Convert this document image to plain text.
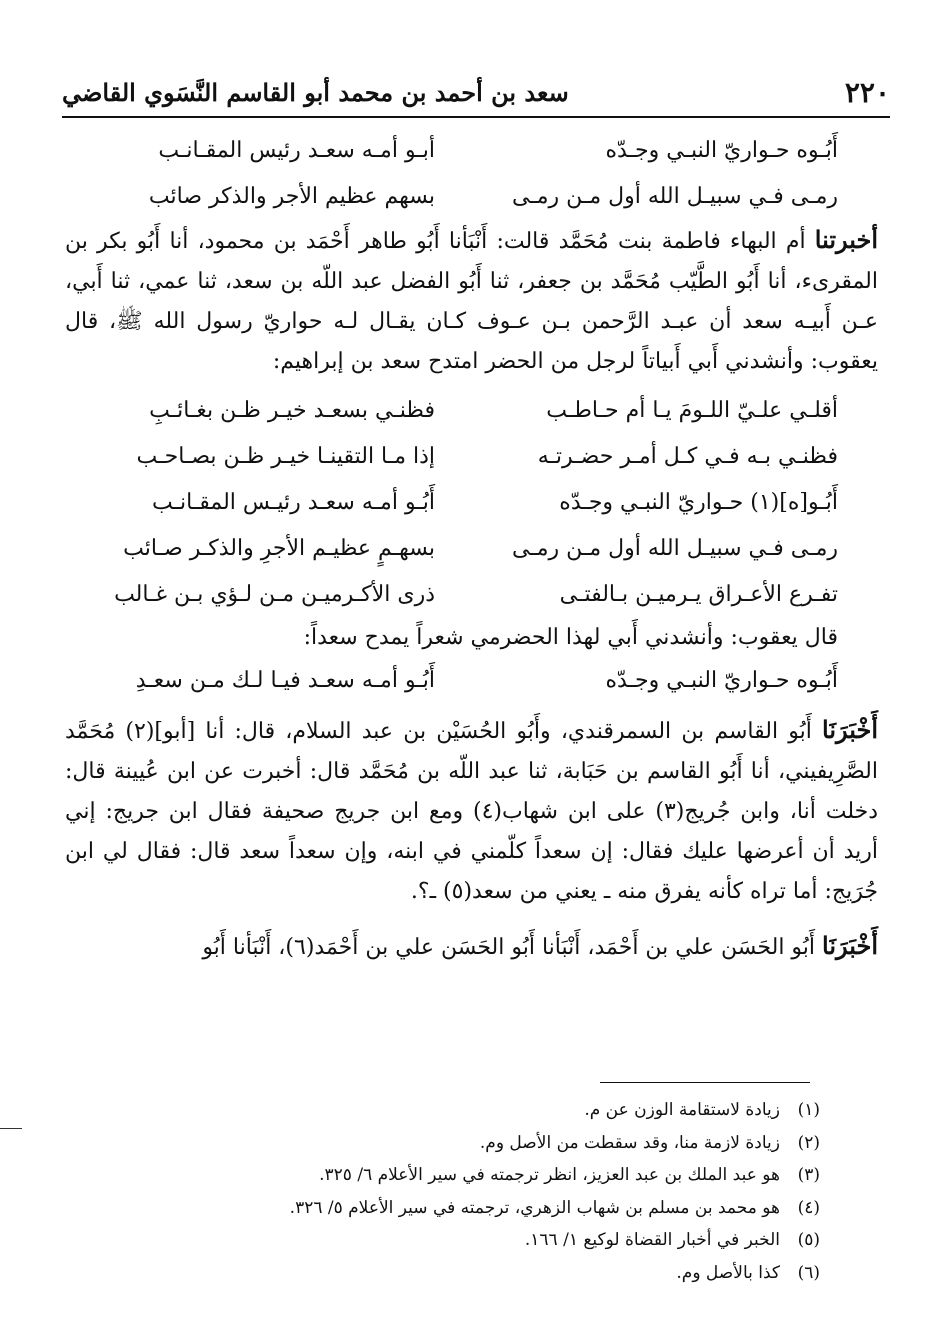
٢٢٠
سعد بن أحمد بن محمد أبو القاسم النَّسَوي القاضي
أَبُـوه حـواريّ النبـي وجـدّه
أبـو أمـه سعـد رئيس المقـانـب
رمـى فـي سبيـل الله أول مـن رمـى
بسهم عظيم الأجر والذكر صائب

أخبرتنا أم البهاء فاطمة بنت مُحَمَّد قالت: أَنْبَأنا أَبُو طاهر أَحْمَد بن محمود، أنا أَبُو بكر بن المقرىء، أنا أَبُو الطَّيّب مُحَمَّد بن جعفر، ثنا أَبُو الفضل عبد اللّه بن سعد، ثنا عمي، ثنا أَبي، عـن أَبيـه سعد أن عبـد الرَّحمن بـن عـوف كـان يقـال لـه حواريّ رسول الله ﷺ، قال يعقوب: وأنشدني أَبي أَبياتاً لرجل من الحضر امتدح سعد بن إبراهيم:

أقلـي علـيّ اللـومَ يـا أم حـاطـب
فظنـي بسعـد خيـر ظـن بغـائـبِ
فظنـي بـه فـي كـل أمـر حضـرتـه
إذا مـا التقينـا خيـر ظـن بصـاحـب
أَبُـو[ه](١) حـواريّ النبـي وجـدّه
أَبُـو أمـه سعـد رئيـس المقـانـب
رمـى فـي سبيـل الله أول مـن رمـى
بسهـمٍ عظيـم الأجرِ والذكـر صـائب
تفـرع الأعـراق يـرميـن بـالفتـى
ذرى الأكـرميـن مـن لـؤي بـن غـالب

قال يعقوب: وأنشدني أَبي لهذا الحضرمي شعراً يمدح سعداً:

أَبُـوه حـواريّ النبـي وجـدّه
أَبُـو أمـه سعـد فيـا لـك مـن سعـدِ

أَخْبَرَنَا أَبُو القاسم بن السمرقندي، وأَبُو الحُسَيْن بن عبد السلام، قال: أنا [أبو](٢) مُحَمَّد الصَّرِيفيني، أنا أَبُو القاسم بن حَبَابة، ثنا عبد اللّه بن مُحَمَّد قال: أخبرت عن ابن عُيينة قال: دخلت أنا، وابن جُريج(٣) على ابن شهاب(٤) ومع ابن جريج صحيفة فقال ابن جريج: إني أريد أن أعرضها عليك فقال: إن سعداً كلّمني في ابنه، وإن سعداً سعد قال: فقال لي ابن جُرَيج: أما تراه كأنه يفرق منه ـ يعني من سعد(٥) ـ؟.

أَخْبَرَنَا أَبُو الحَسَن علي بن أَحْمَد، أَنْبَأنا أَبُو الحَسَن علي بن أَحْمَد(٦)، أَنْبَأنا أَبُو

(١)
زيادة لاستقامة الوزن عن م.
(٢)
زيادة لازمة منا، وقد سقطت من الأصل وم.
(٣)
هو عبد الملك بن عبد العزيز، انظر ترجمته في سير الأعلام ٦/ ٣٢٥.
(٤)
هو محمد بن مسلم بن شهاب الزهري، ترجمته في سير الأعلام ٥/ ٣٢٦.
(٥)
الخبر في أخبار القضاة لوكيع ١/ ١٦٦.
(٦)
كذا بالأصل وم.
